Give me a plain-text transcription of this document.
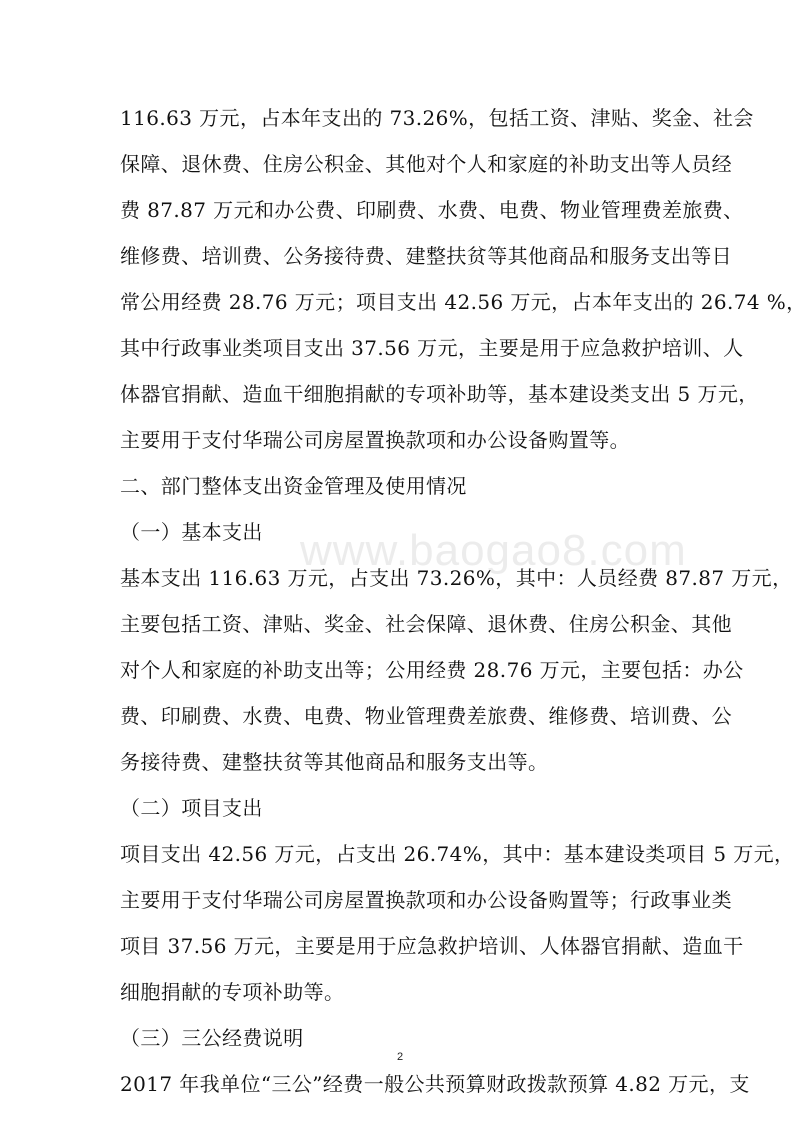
www.baogao8.com
116.63 万元，占本年支出的 73.26%，包括工资、津贴、奖金、社会
保障、退休费、住房公积金、其他对个人和家庭的补助支出等人员经
费 87.87 万元和办公费、印刷费、水费、电费、物业管理费差旅费、
维修费、培训费、公务接待费、建整扶贫等其他商品和服务支出等日
常公用经费 28.76 万元；项目支出 42.56 万元，占本年支出的 26.74 %，
其中行政事业类项目支出 37.56 万元，主要是用于应急救护培训、人
体器官捐献、造血干细胞捐献的专项补助等，基本建设类支出 5 万元，
主要用于支付华瑞公司房屋置换款项和办公设备购置等。
二、部门整体支出资金管理及使用情况
（一）基本支出
基本支出 116.63 万元，占支出 73.26%，其中：人员经费 87.87 万元，
主要包括工资、津贴、奖金、社会保障、退休费、住房公积金、其他
对个人和家庭的补助支出等；公用经费 28.76 万元，主要包括：办公
费、印刷费、水费、电费、物业管理费差旅费、维修费、培训费、公
务接待费、建整扶贫等其他商品和服务支出等。
（二）项目支出
项目支出 42.56 万元，占支出 26.74%，其中：基本建设类项目 5 万元，
主要用于支付华瑞公司房屋置换款项和办公设备购置等；行政事业类
项目 37.56 万元，主要是用于应急救护培训、人体器官捐献、造血干
细胞捐献的专项补助等。
（三）三公经费说明
2017 年我单位“三公”经费一般公共预算财政拨款预算 4.82 万元，支
2
